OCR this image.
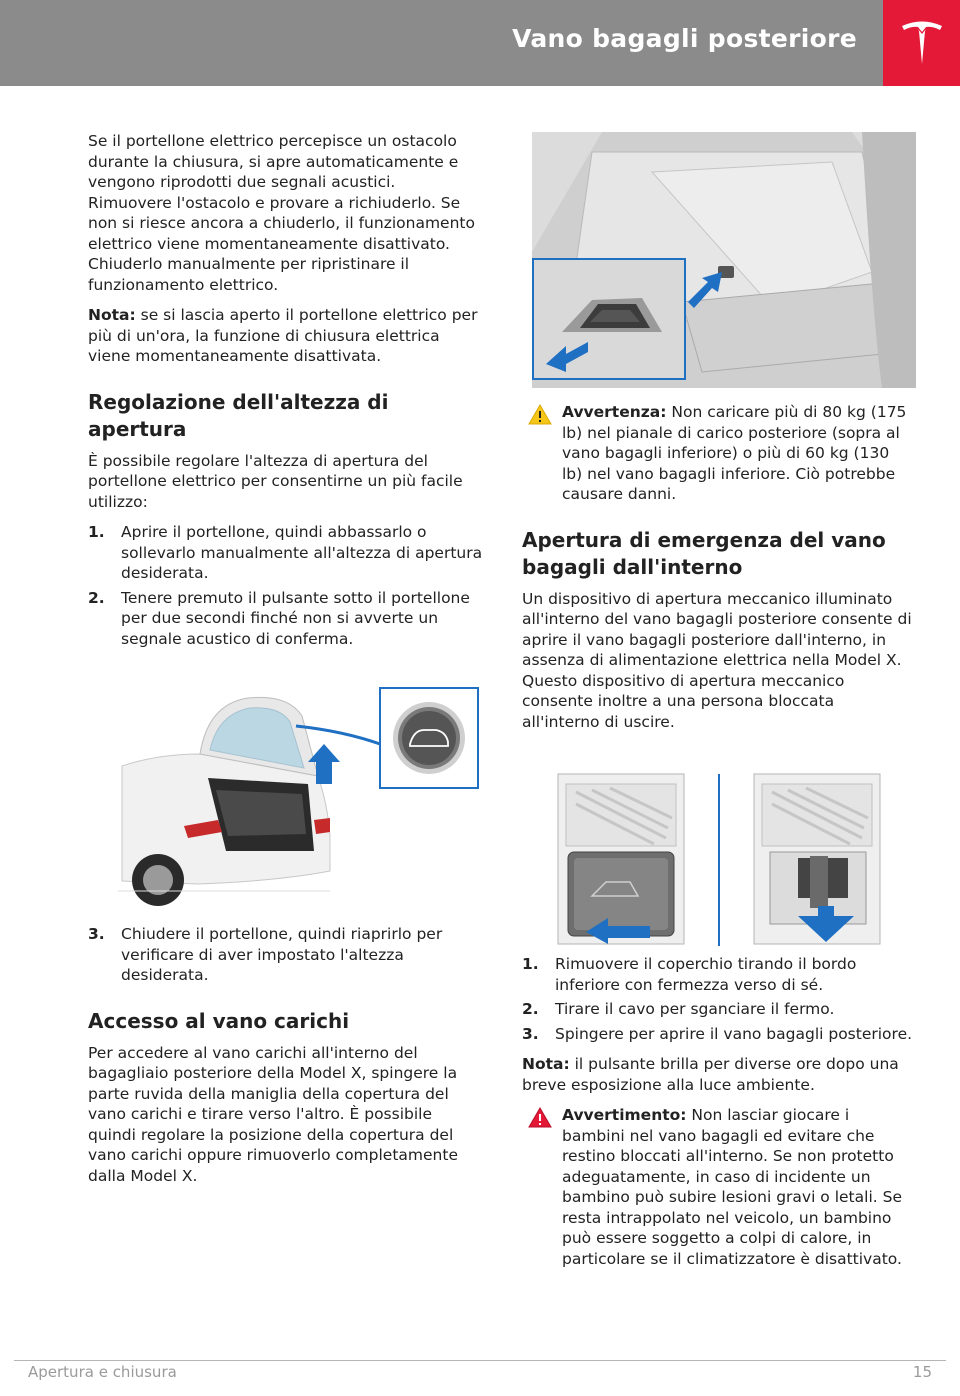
Vano bagagli posteriore

Se il portellone elettrico percepisce un ostacolo durante la chiusura, si apre automaticamente e vengono riprodotti due segnali acustici. Rimuovere l'ostacolo e provare a richiuderlo. Se non si riesce ancora a chiuderlo, il funzionamento elettrico viene momentaneamente disattivato. Chiuderlo manualmente per ripristinare il funzionamento elettrico.

Nota: se si lascia aperto il portellone elettrico per più di un'ora, la funzione di chiusura elettrica viene momentaneamente disattivata.

Regolazione dell'altezza di apertura

È possibile regolare l'altezza di apertura del portellone elettrico per consentirne un più facile utilizzo:

1. Aprire il portellone, quindi abbassarlo o sollevarlo manualmente all'altezza di apertura desiderata.
2. Tenere premuto il pulsante sotto il portellone per due secondi finché non si avverte un segnale acustico di conferma.
3. Chiudere il portellone, quindi riaprirlo per verificare di aver impostato l'altezza desiderata.
Accesso al vano carichi

Per accedere al vano carichi all'interno del bagagliaio posteriore della Model X, spingere la parte ruvida della maniglia della copertura del vano carichi e tirare verso l'altro. È possibile quindi regolare la posizione della copertura del vano carichi oppure rimuoverlo completamente dalla Model X.

Avvertenza: Non caricare più di 80 kg (175 lb) nel pianale di carico posteriore (sopra al vano bagagli inferiore) o più di 60 kg (130 lb) nel vano bagagli inferiore. Ciò potrebbe causare danni.
Apertura di emergenza del vano bagagli dall'interno

Un dispositivo di apertura meccanico illuminato all'interno del vano bagagli posteriore consente di aprire il vano bagagli posteriore dall'interno, in assenza di alimentazione elettrica nella Model X. Questo dispositivo di apertura meccanico consente inoltre a una persona bloccata all'interno di uscire.

1. Rimuovere il coperchio tirando il bordo inferiore con fermezza verso di sé.
2. Tirare il cavo per sganciare il fermo.
3. Spingere per aprire il vano bagagli posteriore.

Nota: il pulsante brilla per diverse ore dopo una breve esposizione alla luce ambiente.

Avvertimento: Non lasciar giocare i bambini nel vano bagagli ed evitare che restino bloccati all'interno. Se non protetto adeguatamente, in caso di incidente un bambino può subire lesioni gravi o letali. Se resta intrappolato nel veicolo, un bambino può essere soggetto a colpi di calore, in particolare se il climatizzatore è disattivato.
Apertura e chiusura	15
